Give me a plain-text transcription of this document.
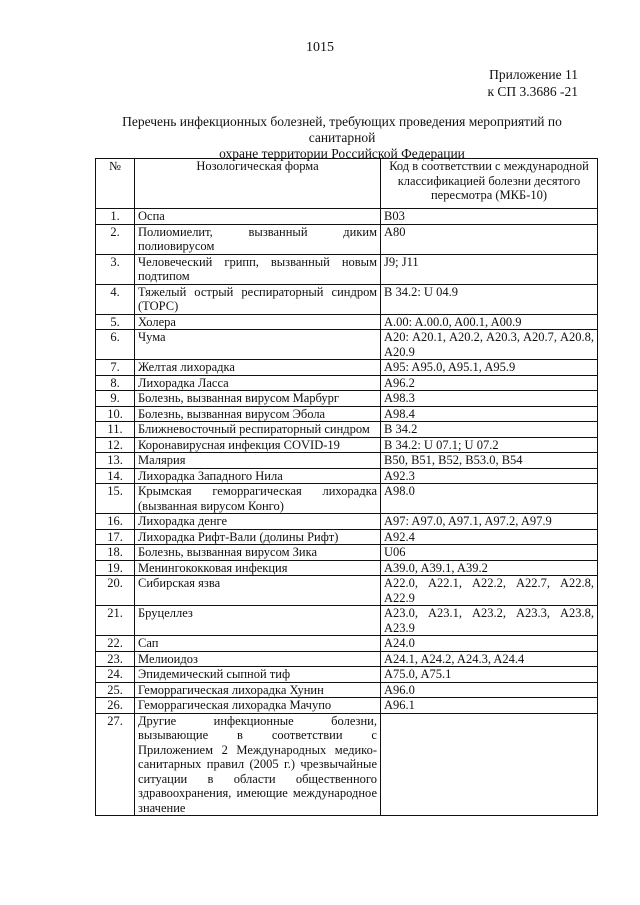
1015
Приложение 11
к СП 3.3686 -21
Перечень инфекционных болезней, требующих проведения мероприятий по санитарной
охране территории Российской Федерации
№	Нозологическая форма	Код в соответствии с международной классификацией болезни десятого пересмотра (МКБ-10)
1.	Оспа	B03
2.	Полиомиелит, вызванный диким полиовирусом	A80
3.	Человеческий грипп, вызванный новым подтипом	J9; J11
4.	Тяжелый острый респираторный синдром (ТОРС)	B 34.2: U 04.9
5.	Холера	A.00: A.00.0, A00.1, A00.9
6.	Чума	A20: A20.1, A20.2, A20.3, A20.7, A20.8, A20.9
7.	Желтая лихорадка	A95: A95.0, A95.1, A95.9
8.	Лихорадка Ласса	A96.2
9.	Болезнь, вызванная вирусом Марбург	A98.3
10.	Болезнь, вызванная вирусом Эбола	A98.4
11.	Ближневосточный респираторный синдром	B 34.2
12.	Коронавирусная инфекция COVID-19	B 34.2: U 07.1; U 07.2
13.	Малярия	B50, B51, B52, B53.0, B54
14.	Лихорадка Западного Нила	A92.3
15.	Крымская геморрагическая лихорадка (вызванная вирусом Конго)	A98.0
16.	Лихорадка денге	A97: A97.0, A97.1, A97.2, A97.9
17.	Лихорадка Рифт-Вали (долины Рифт)	A92.4
18.	Болезнь, вызванная вирусом Зика	U06
19.	Менингококковая инфекция	A39.0, A39.1, A39.2
20.	Сибирская язва	A22.0, A22.1, A22.2, A22.7, A22.8, A22.9
21.	Бруцеллез	A23.0, A23.1, A23.2, A23.3, A23.8, A23.9
22.	Сап	A24.0
23.	Мелиоидоз	A24.1, A24.2, A24.3, A24.4
24.	Эпидемический сыпной тиф	A75.0, A75.1
25.	Геморрагическая лихорадка Хунин	A96.0
26.	Геморрагическая лихорадка Мачупо	A96.1
27.	Другие инфекционные болезни, вызывающие в соответствии с Приложением 2 Международных медико-санитарных правил (2005 г.) чрезвычайные ситуации в области общественного здравоохранения, имеющие международное значение	
